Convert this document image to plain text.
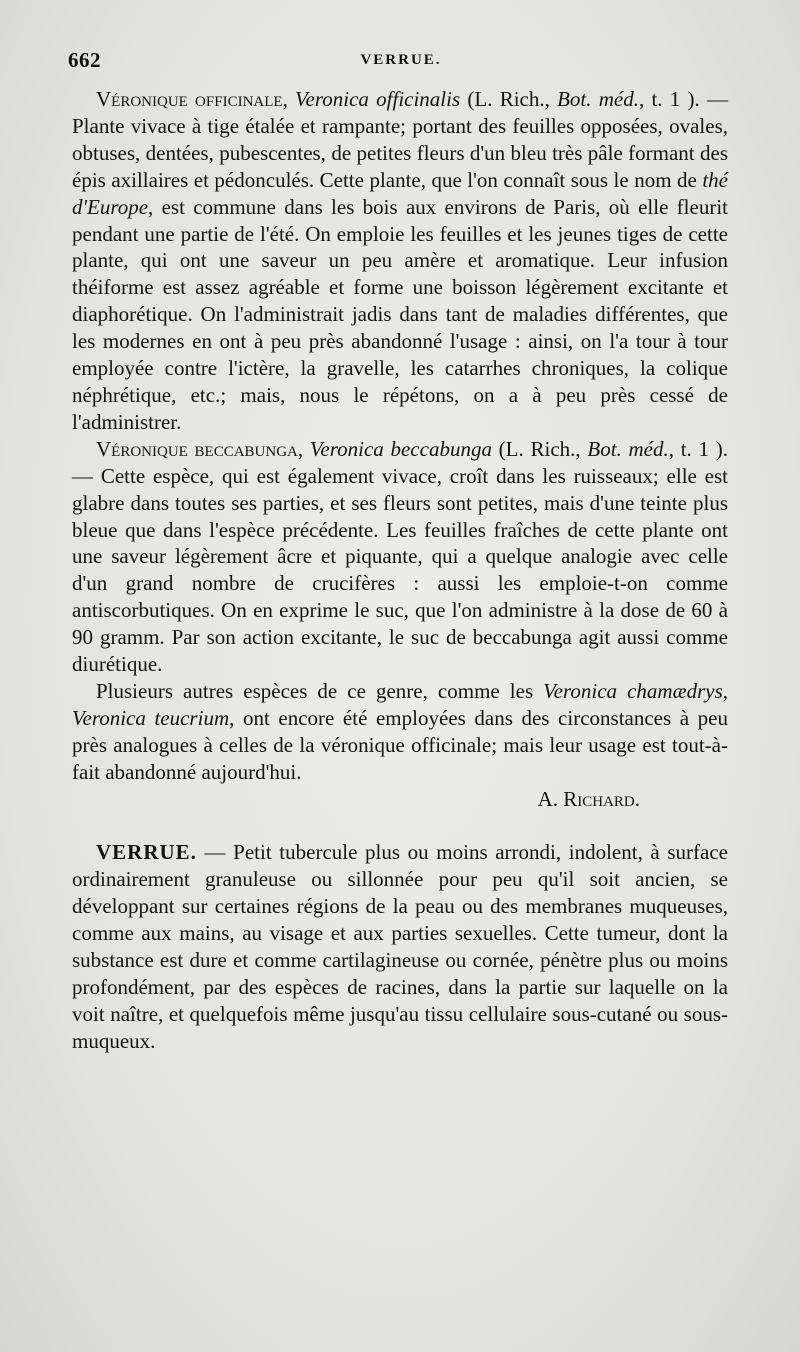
662	VERRUE.

Véronique officinale, Veronica officinalis (L. Rich., Bot. méd., t. 1 ). — Plante vivace à tige étalée et rampante; portant des feuilles opposées, ovales, obtuses, dentées, pubescentes, de petites fleurs d'un bleu très pâle formant des épis axillaires et pédonculés. Cette plante, que l'on connaît sous le nom de thé d'Europe, est commune dans les bois aux environs de Paris, où elle fleurit pendant une partie de l'été. On emploie les feuilles et les jeunes tiges de cette plante, qui ont une saveur un peu amère et aromatique. Leur infusion théiforme est assez agréable et forme une boisson légèrement excitante et diaphorétique. On l'administrait jadis dans tant de maladies différentes, que les modernes en ont à peu près abandonné l'usage : ainsi, on l'a tour à tour employée contre l'ictère, la gravelle, les catarrhes chroniques, la colique néphrétique, etc.; mais, nous le répétons, on a à peu près cessé de l'administrer.

Véronique beccabunga, Veronica beccabunga (L. Rich., Bot. méd., t. 1 ). — Cette espèce, qui est également vivace, croît dans les ruisseaux; elle est glabre dans toutes ses parties, et ses fleurs sont petites, mais d'une teinte plus bleue que dans l'espèce précédente. Les feuilles fraîches de cette plante ont une saveur légèrement âcre et piquante, qui a quelque analogie avec celle d'un grand nombre de crucifères : aussi les emploie-t-on comme antiscorbutiques. On en exprime le suc, que l'on administre à la dose de 60 à 90 gramm. Par son action excitante, le suc de beccabunga agit aussi comme diurétique.

Plusieurs autres espèces de ce genre, comme les Veronica chamædrys, Veronica teucrium, ont encore été employées dans des circonstances à peu près analogues à celles de la véronique officinale; mais leur usage est tout-à-fait abandonné aujourd'hui.

A. Richard.

VERRUE. — Petit tubercule plus ou moins arrondi, indolent, à surface ordinairement granuleuse ou sillonnée pour peu qu'il soit ancien, se développant sur certaines régions de la peau ou des membranes muqueuses, comme aux mains, au visage et aux parties sexuelles. Cette tumeur, dont la substance est dure et comme cartilagineuse ou cornée, pénètre plus ou moins profondément, par des espèces de racines, dans la partie sur laquelle on la voit naître, et quelquefois même jusqu'au tissu cellulaire sous-cutané ou sous-muqueux.
